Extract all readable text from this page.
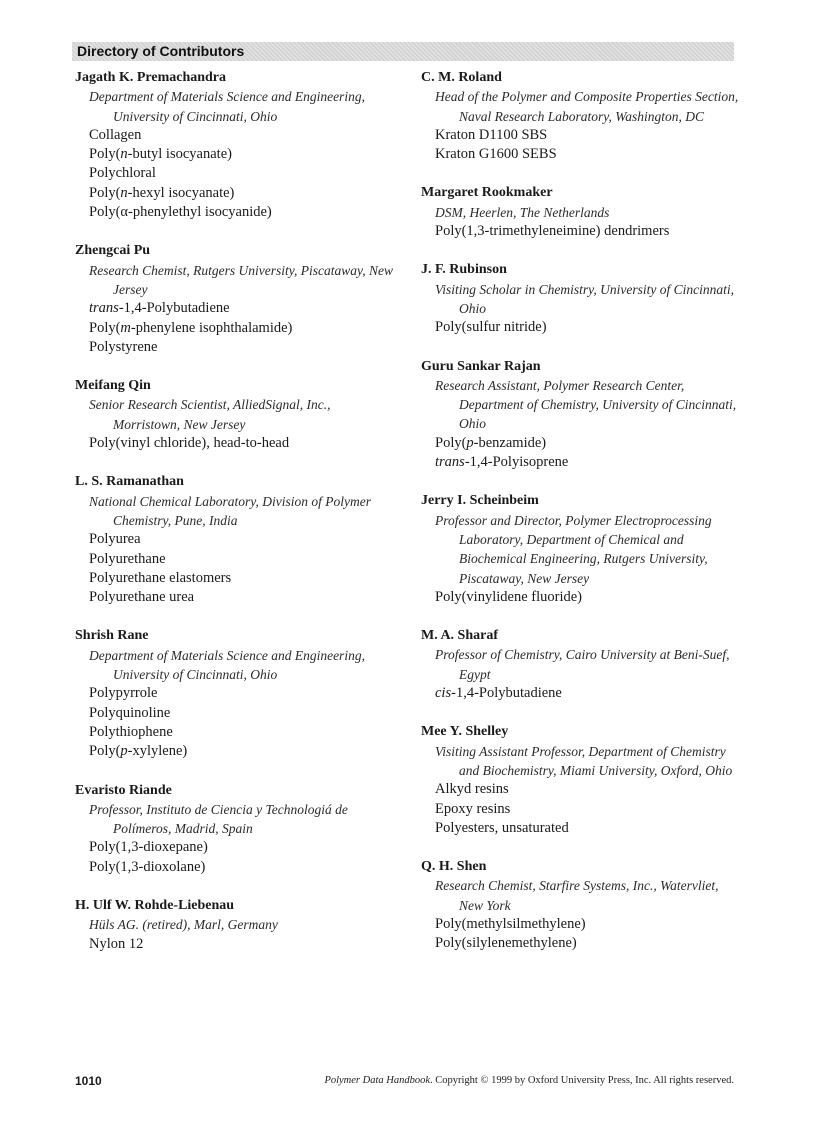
Directory of Contributors
Jagath K. Premachandra
Department of Materials Science and Engineering, University of Cincinnati, Ohio
Collagen
Poly(n-butyl isocyanate)
Polychloral
Poly(n-hexyl isocyanate)
Poly(α-phenylethyl isocyanide)
Zhengcai Pu
Research Chemist, Rutgers University, Piscataway, New Jersey
trans-1,4-Polybutadiene
Poly(m-phenylene isophthalamide)
Polystyrene
Meifang Qin
Senior Research Scientist, AlliedSignal, Inc., Morristown, New Jersey
Poly(vinyl chloride), head-to-head
L. S. Ramanathan
National Chemical Laboratory, Division of Polymer Chemistry, Pune, India
Polyurea
Polyurethane
Polyurethane elastomers
Polyurethane urea
Shrish Rane
Department of Materials Science and Engineering, University of Cincinnati, Ohio
Polypyrrole
Polyquinoline
Polythiophene
Poly(p-xylylene)
Evaristo Riande
Professor, Instituto de Ciencia y Technologiá de Polímeros, Madrid, Spain
Poly(1,3-dioxepane)
Poly(1,3-dioxolane)
H. Ulf W. Rohde-Liebenau
Hüls AG. (retired), Marl, Germany
Nylon 12
C. M. Roland
Head of the Polymer and Composite Properties Section, Naval Research Laboratory, Washington, DC
Kraton D1100 SBS
Kraton G1600 SEBS
Margaret Rookmaker
DSM, Heerlen, The Netherlands
Poly(1,3-trimethyleneimine) dendrimers
J. F. Rubinson
Visiting Scholar in Chemistry, University of Cincinnati, Ohio
Poly(sulfur nitride)
Guru Sankar Rajan
Research Assistant, Polymer Research Center, Department of Chemistry, University of Cincinnati, Ohio
Poly(p-benzamide)
trans-1,4-Polyisoprene
Jerry I. Scheinbeim
Professor and Director, Polymer Electroprocessing Laboratory, Department of Chemical and Biochemical Engineering, Rutgers University, Piscataway, New Jersey
Poly(vinylidene fluoride)
M. A. Sharaf
Professor of Chemistry, Cairo University at Beni-Suef, Egypt
cis-1,4-Polybutadiene
Mee Y. Shelley
Visiting Assistant Professor, Department of Chemistry and Biochemistry, Miami University, Oxford, Ohio
Alkyd resins
Epoxy resins
Polyesters, unsaturated
Q. H. Shen
Research Chemist, Starfire Systems, Inc., Watervliet, New York
Poly(methylsilmethylene)
Poly(silylenemethylene)
1010	Polymer Data Handbook. Copyright © 1999 by Oxford University Press, Inc. All rights reserved.
